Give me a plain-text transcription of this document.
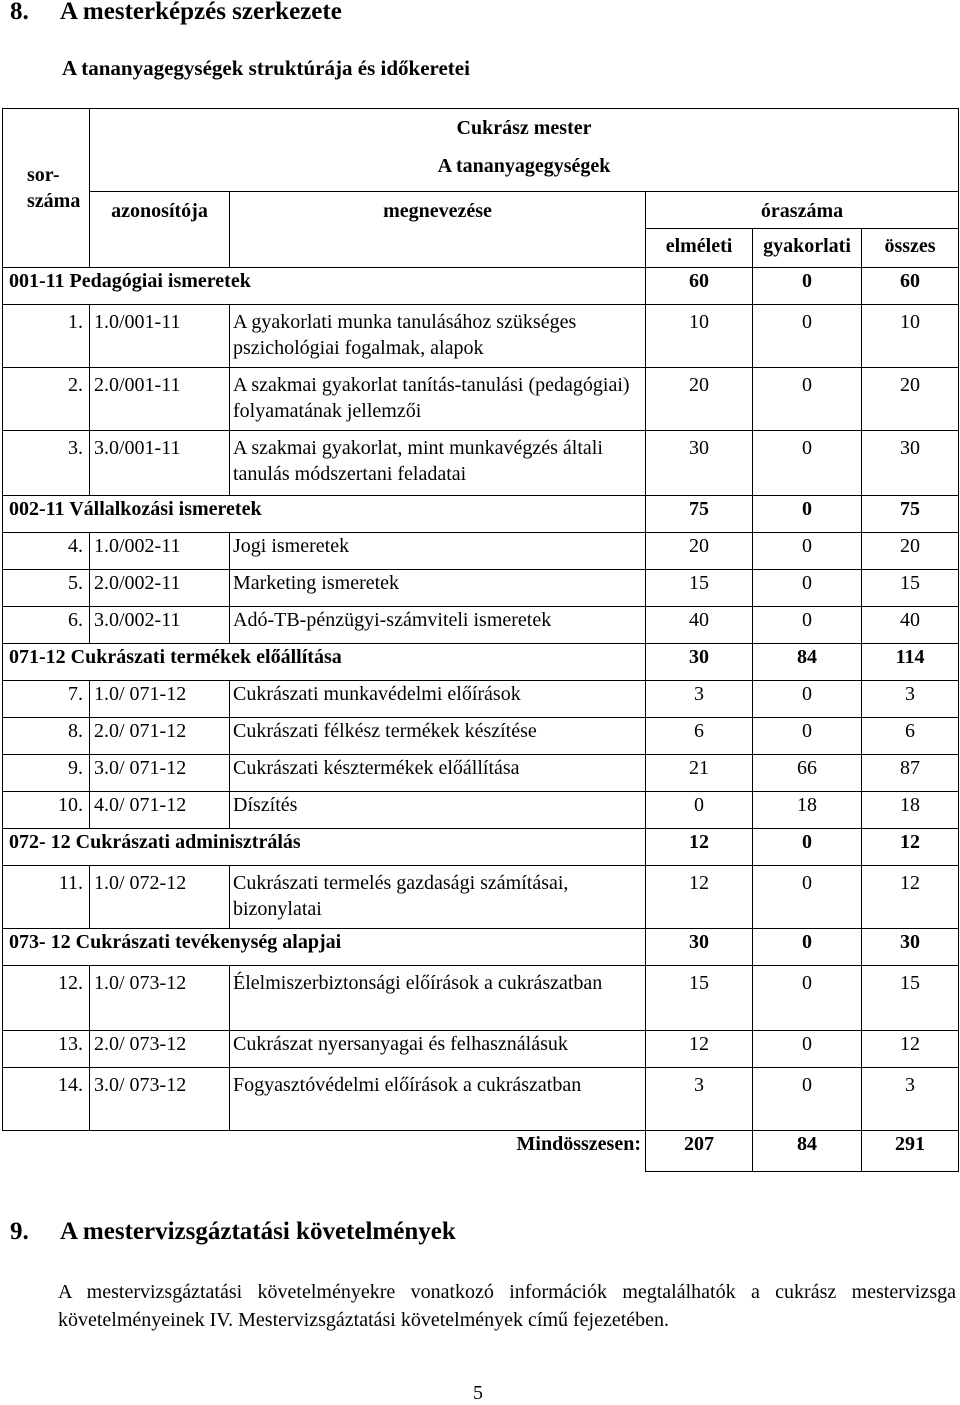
8. A mesterképzés szerkezete
A tananyagegységek struktúrája és időkeretei
sor-
száma	Cukrász mester				
	A tananyagegységek				
	azonosítója	megnevezése	óraszáma		
			elméleti	gyakorlati	összes
001-11 Pedagógiai ismeretek			60	0	60
1.	1.0/001-11	A gyakorlati munka tanulásához szükséges pszichológiai fogalmak, alapok	10	0	10
2.	2.0/001-11	A szakmai gyakorlat tanítás-tanulási (pedagógiai) folyamatának jellemzői	20	0	20
3.	3.0/001-11	A szakmai gyakorlat, mint munkavégzés általi tanulás módszertani feladatai	30	0	30
002-11 Vállalkozási ismeretek			75	0	75
4.	1.0/002-11	Jogi ismeretek	20	0	20
5.	2.0/002-11	Marketing ismeretek	15	0	15
6.	3.0/002-11	Adó-TB-pénzügyi-számviteli ismeretek	40	0	40
071-12 Cukrászati termékek előállítása			30	84	114
7.	1.0/ 071-12	Cukrászati munkavédelmi előírások	3	0	3
8.	2.0/ 071-12	Cukrászati félkész termékek készítése	6	0	6
9.	3.0/ 071-12	Cukrászati késztermékek előállítása	21	66	87
10.	4.0/ 071-12	Díszítés	0	18	18
072- 12 Cukrászati adminisztrálás			12	0	12
11.	1.0/ 072-12	Cukrászati termelés gazdasági számításai, bizonylatai	12	0	12
073- 12 Cukrászati tevékenység alapjai			30	0	30
12.	1.0/ 073-12	Élelmiszerbiztonsági előírások a cukrászatban	15	0	15
13.	2.0/ 073-12	Cukrászat nyersanyagai és felhasználásuk	12	0	12
14.	3.0/ 073-12	Fogyasztóvédelmi előírások a cukrászatban	3	0	3
Mindösszesen:			207	84	291
9. A mestervizsgáztatási követelmények
A mestervizsgáztatási követelményekre vonatkozó információk megtalálhatók a cukrász mestervizsga követelményeinek IV. Mestervizsgáztatási követelmények című fejezetében.
5
